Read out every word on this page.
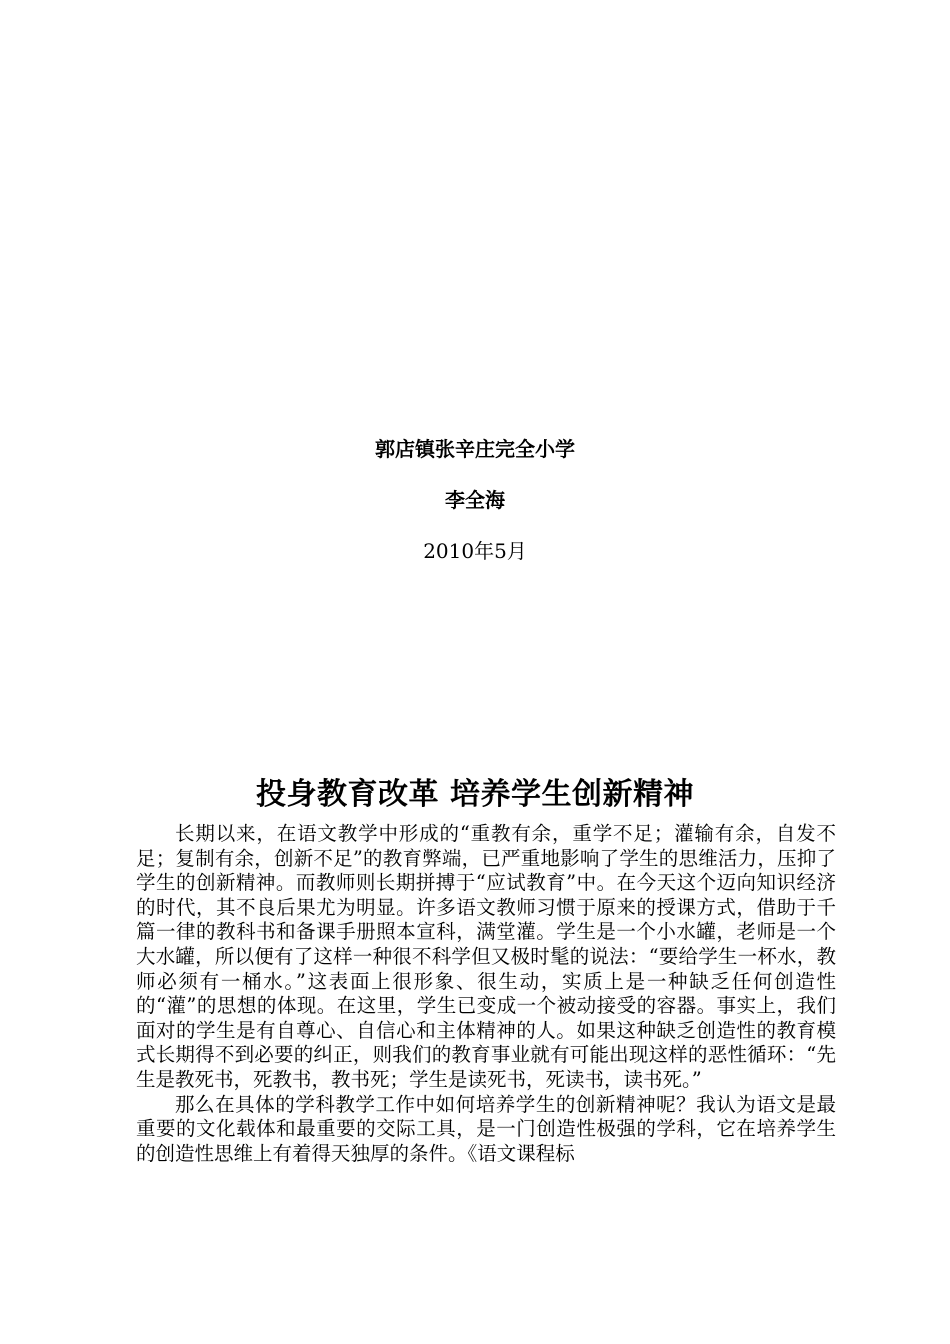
郭店镇张辛庄完全小学
李全海
2010年5月
投身教育改革 培养学生创新精神

长期以来，在语文教学中形成的“重教有余，重学不足；灌输有余，自发不足；复制有余，创新不足”的教育弊端，已严重地影响了学生的思维活力，压抑了学生的创新精神。而教师则长期拼搏于“应试教育”中。在今天这个迈向知识经济的时代，其不良后果尤为明显。许多语文教师习惯于原来的授课方式，借助于千篇一律的教科书和备课手册照本宣科，满堂灌。学生是一个小水罐，老师是一个大水罐，所以便有了这样一种很不科学但又极时髦的说法：“要给学生一杯水，教师必须有一桶水。”这表面上很形象、很生动，实质上是一种缺乏任何创造性的“灌”的思想的体现。在这里，学生已变成一个被动接受的容器。事实上，我们面对的学生是有自尊心、自信心和主体精神的人。如果这种缺乏创造性的教育模式长期得不到必要的纠正，则我们的教育事业就有可能出现这样的恶性循环：“先生是教死书，死教书，教书死；学生是读死书，死读书，读书死。”

那么在具体的学科教学工作中如何培养学生的创新精神呢？我认为语文是最重要的文化载体和最重要的交际工具，是一门创造性极强的学科，它在培养学生的创造性思维上有着得天独厚的条件。《语文课程标
